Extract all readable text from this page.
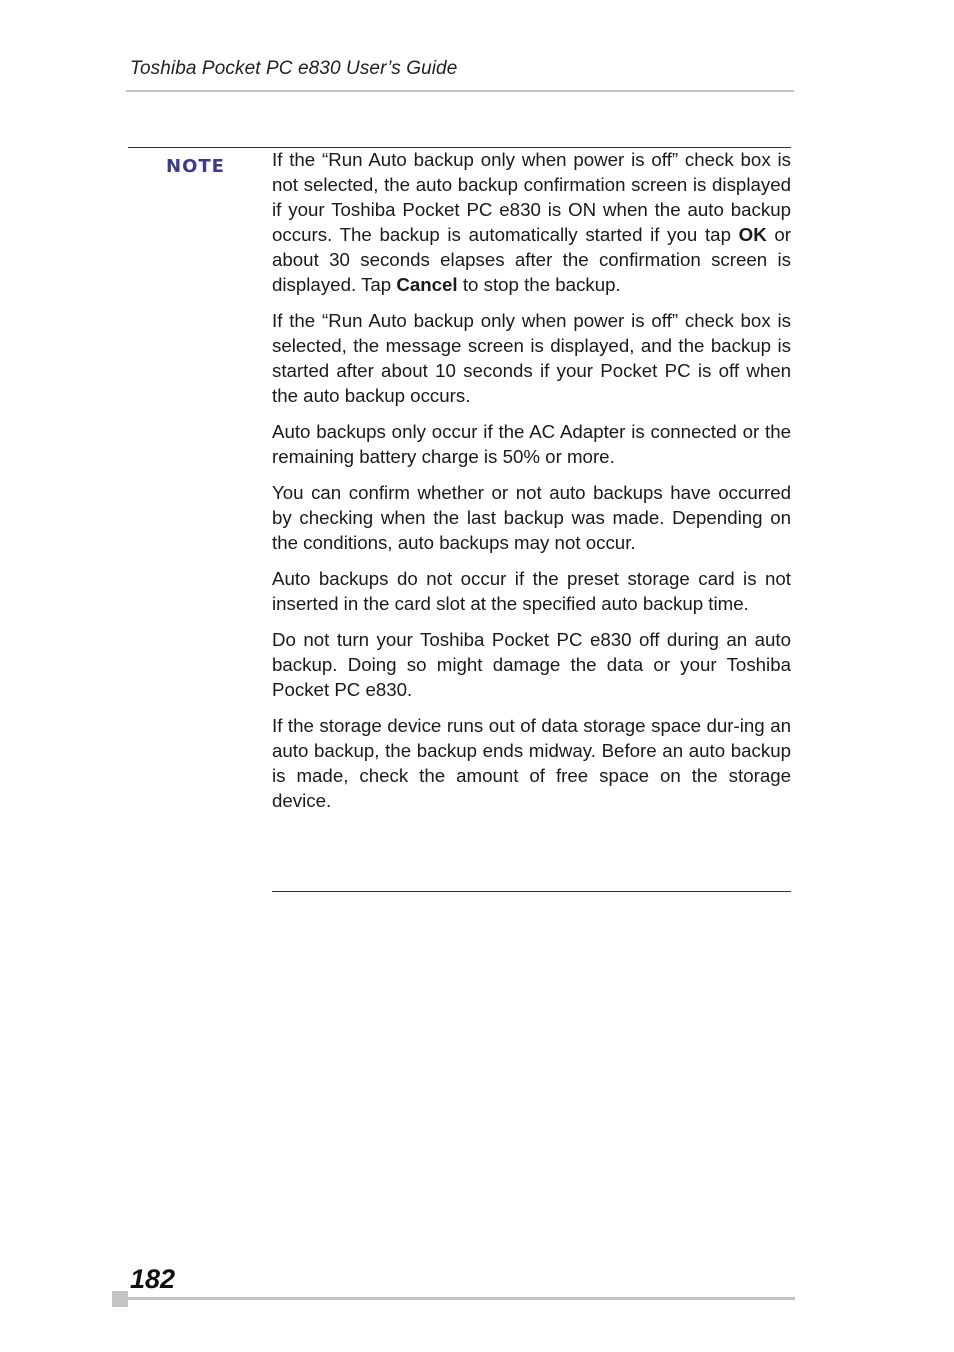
Toshiba Pocket PC e830 User’s Guide
NOTE	If the “Run Auto backup only when power is off” check box is not selected, the auto backup confirmation screen is displayed if your Toshiba Pocket PC e830 is ON when the auto backup occurs. The backup is automatically started if you tap OK or about 30 seconds elapses after the confirmation screen is displayed. Tap Cancel to stop the backup.

If the “Run Auto backup only when power is off” check box is selected, the message screen is displayed, and the backup is started after about 10 seconds if your Pocket PC is off when the auto backup occurs.

Auto backups only occur if the AC Adapter is connected or the remaining battery charge is 50% or more.

You can confirm whether or not auto backups have occurred by checking when the last backup was made. Depending on the conditions, auto backups may not occur.

Auto backups do not occur if the preset storage card is not inserted in the card slot at the specified auto backup time.

Do not turn your Toshiba Pocket PC e830 off during an auto backup. Doing so might damage the data or your Toshiba Pocket PC e830.

If the storage device runs out of data storage space dur-ing an auto backup, the backup ends midway. Before an auto backup is made, check the amount of free space on the storage device.

182
